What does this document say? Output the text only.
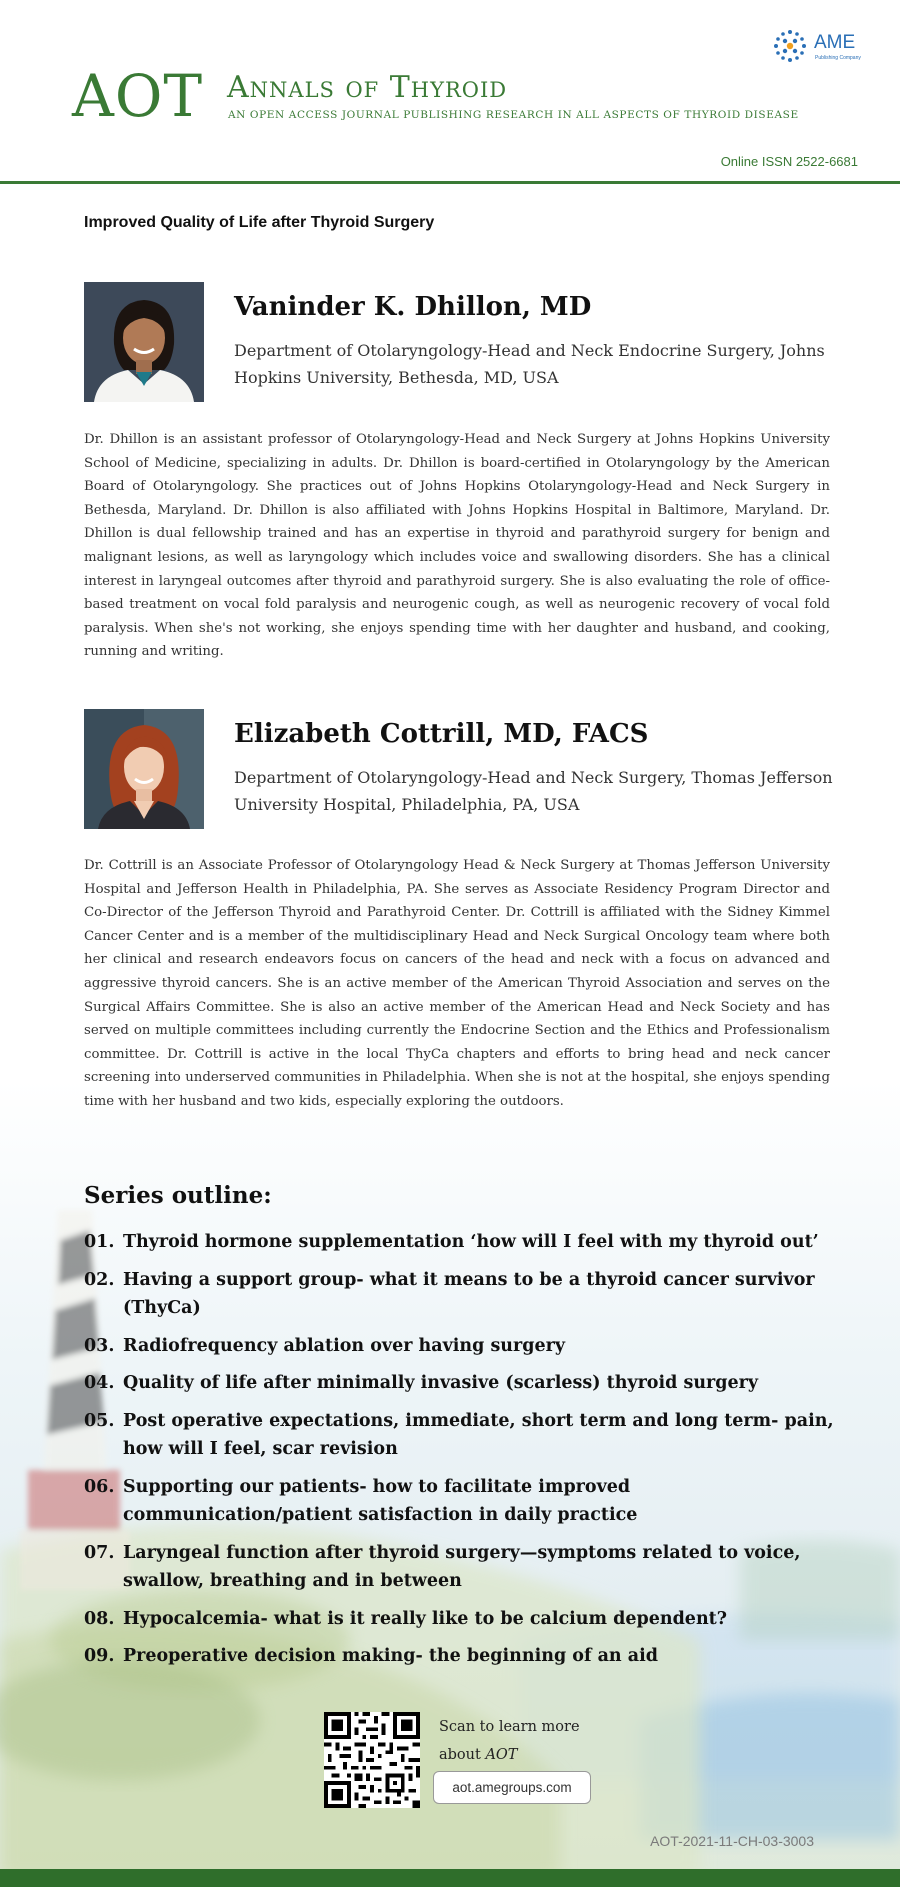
AOT Annals of Thyroid
AN OPEN ACCESS JOURNAL PUBLISHING RESEARCH IN ALL ASPECTS OF THYROID DISEASE
AME
Publishing Company
Online ISSN 2522-6681
Improved Quality of Life after Thyroid Surgery
Vaninder K. Dhillon, MD
Department of Otolaryngology-Head and Neck Endocrine Surgery, Johns Hopkins University, Bethesda, MD, USA
Dr. Dhillon is an assistant professor of Otolaryngology-Head and Neck Surgery at Johns Hopkins University School of Medicine, specializing in adults. Dr. Dhillon is board-certified in Otolaryngology by the American Board of Otolaryngology. She practices out of Johns Hopkins Otolaryngology-Head and Neck Surgery in Bethesda, Maryland. Dr. Dhillon is also affiliated with Johns Hopkins Hospital in Baltimore, Maryland. Dr. Dhillon is dual fellowship trained and has an expertise in thyroid and parathyroid surgery for benign and malignant lesions, as well as laryngology which includes voice and swallowing disorders. She has a clinical interest in laryngeal outcomes after thyroid and parathyroid surgery. She is also evaluating the role of office-based treatment on vocal fold paralysis and neurogenic cough, as well as neurogenic recovery of vocal fold paralysis. When she's not working, she enjoys spending time with her daughter and husband, and cooking, running and writing.
Elizabeth Cottrill, MD, FACS
Department of Otolaryngology-Head and Neck Surgery, Thomas Jefferson University Hospital, Philadelphia, PA, USA
Dr. Cottrill is an Associate Professor of Otolaryngology Head & Neck Surgery at Thomas Jefferson University Hospital and Jefferson Health in Philadelphia, PA. She serves as Associate Residency Program Director and Co-Director of the Jefferson Thyroid and Parathyroid Center. Dr. Cottrill is affiliated with the Sidney Kimmel Cancer Center and is a member of the multidisciplinary Head and Neck Surgical Oncology team where both her clinical and research endeavors focus on cancers of the head and neck with a focus on advanced and aggressive thyroid cancers. She is an active member of the American Thyroid Association and serves on the Surgical Affairs Committee. She is also an active member of the American Head and Neck Society and has served on multiple committees including currently the Endocrine Section and the Ethics and Professionalism committee. Dr. Cottrill is active in the local ThyCa chapters and efforts to bring head and neck cancer screening into underserved communities in Philadelphia. When she is not at the hospital, she enjoys spending time with her husband and two kids, especially exploring the outdoors.
Series outline:
01. Thyroid hormone supplementation ‘how will I feel with my thyroid out’
02. Having a support group- what it means to be a thyroid cancer survivor (ThyCa)
03. Radiofrequency ablation over having surgery
04. Quality of life after minimally invasive (scarless) thyroid surgery
05. Post operative expectations, immediate, short term and long term- pain, how will I feel, scar revision
06. Supporting our patients- how to facilitate improved communication/patient satisfaction in daily practice
07. Laryngeal function after thyroid surgery—symptoms related to voice, swallow, breathing and in between
08. Hypocalcemia- what is it really like to be calcium dependent?
09. Preoperative decision making- the beginning of an aid
Scan to learn more
about AOT
aot.amegroups.com
AOT-2021-11-CH-03-3003
